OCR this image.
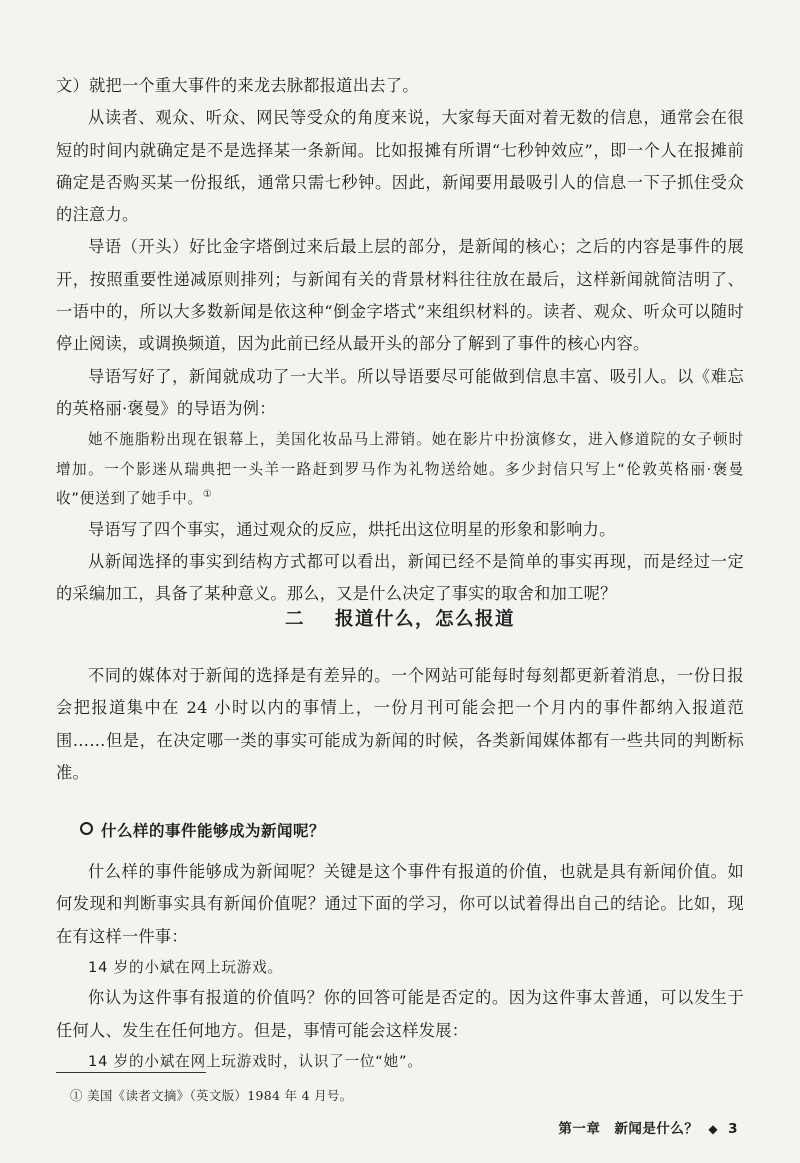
文）就把一个重大事件的来龙去脉都报道出去了。

从读者、观众、听众、网民等受众的角度来说，大家每天面对着无数的信息，通常会在很短的时间内就确定是不是选择某一条新闻。比如报摊有所谓“七秒钟效应”，即一个人在报摊前确定是否购买某一份报纸，通常只需七秒钟。因此，新闻要用最吸引人的信息一下子抓住受众的注意力。

导语（开头）好比金字塔倒过来后最上层的部分，是新闻的核心；之后的内容是事件的展开，按照重要性递减原则排列；与新闻有关的背景材料往往放在最后，这样新闻就简洁明了、一语中的，所以大多数新闻是依这种“倒金字塔式”来组织材料的。读者、观众、听众可以随时停止阅读，或调换频道，因为此前已经从最开头的部分了解到了事件的核心内容。

导语写好了，新闻就成功了一大半。所以导语要尽可能做到信息丰富、吸引人。以《难忘的英格丽·褒曼》的导语为例：

她不施脂粉出现在银幕上，美国化妆品马上滞销。她在影片中扮演修女，进入修道院的女子顿时增加。一个影迷从瑞典把一头羊一路赶到罗马作为礼物送给她。多少封信只写上“伦敦英格丽·褒曼收”便送到了她手中。①

导语写了四个事实，通过观众的反应，烘托出这位明星的形象和影响力。

从新闻选择的事实到结构方式都可以看出，新闻已经不是简单的事实再现，而是经过一定的采编加工，具备了某种意义。那么，又是什么决定了事实的取舍和加工呢？

二 报道什么，怎么报道

不同的媒体对于新闻的选择是有差异的。一个网站可能每时每刻都更新着消息，一份日报会把报道集中在 24 小时以内的事情上，一份月刊可能会把一个月内的事件都纳入报道范围……但是，在决定哪一类的事实可能成为新闻的时候，各类新闻媒体都有一些共同的判断标准。

什么样的事件能够成为新闻呢？

什么样的事件能够成为新闻呢？关键是这个事件有报道的价值，也就是具有新闻价值。如何发现和判断事实具有新闻价值呢？通过下面的学习，你可以试着得出自己的结论。比如，现在有这样一件事：

14 岁的小斌在网上玩游戏。

你认为这件事有报道的价值吗？你的回答可能是否定的。因为这件事太普通，可以发生于任何人、发生在任何地方。但是，事情可能会这样发展：

14 岁的小斌在网上玩游戏时，认识了一位“她”。

① 美国《读者文摘》（英文版）1984 年 4 月号。
第一章　新闻是什么？ ◆ 3
